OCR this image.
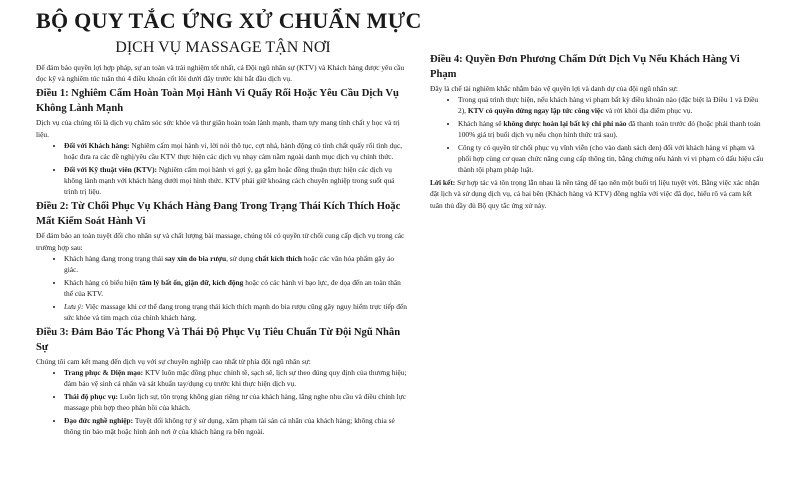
BỘ QUY TẮC ỨNG XỬ CHUẨN MỰC
DỊCH VỤ MASSAGE TẬN NƠI

Để đảm bảo quyền lợi hợp pháp, sự an toàn và trải nghiệm tốt nhất, cả Đội ngũ nhân sự (KTV) và Khách hàng được yêu cầu đọc kỹ và nghiêm túc tuân thủ 4 điều khoản cốt lõi dưới đây trước khi bắt đầu dịch vụ.

Điều 1: Nghiêm Cấm Hoàn Toàn Mọi Hành Vi Quấy Rối Hoặc Yêu Cầu Dịch Vụ Không Lành Mạnh

Dịch vụ của chúng tôi là dịch vụ chăm sóc sức khỏe và thư giãn hoàn toàn lành mạnh, tham tựy mang tính chất y học và trị liệu.

• Đối với Khách hàng: Nghiêm cấm mọi hành vi, lời nói thô tục, cợt nhả, hành động có tính chất quấy rối tình dục, hoặc đưa ra các đề nghị/yêu cầu KTV thực hiện các dịch vụ nhạy cảm nằm ngoài danh mục dịch vụ chính thức.
• Đối với Kỹ thuật viên (KTV): Nghiêm cấm mọi hành vi gợi ý, gạ gẫm hoặc đồng thuận thực hiện các dịch vụ không lành mạnh với khách hàng dưới mọi hình thức. KTV phải giữ khoảng cách chuyên nghiệp trong suốt quá trình trị liệu.
Điều 2: Từ Chối Phục Vụ Khách Hàng Đang Trong Trạng Thái Kích Thích Hoặc Mất Kiểm Soát Hành Vi

Để đảm bảo an toàn tuyệt đối cho nhân sự và chất lượng bài massage, chúng tôi có quyền từ chối cung cấp dịch vụ trong các trường hợp sau:

• Khách hàng đang trong trạng thái say xỉn do bia rượu, sử dụng chất kích thích hoặc các văn hóa phẩm gây ảo giác.
• Khách hàng có biểu hiện tâm lý bất ổn, giận dữ, kích động hoặc có các hành vi bạo lực, đe dọa đến an toàn thân thể của KTV.
• Lưu ý: Việc massage khi cơ thể đang trong trạng thái kích thích mạnh do bia rượu cũng gây nguy hiểm trực tiếp đến sức khỏe và tim mạch của chính khách hàng.
Điều 3: Đảm Bảo Tác Phong Và Thái Độ Phục Vụ Tiêu Chuẩn Từ Đội Ngũ Nhân Sự

Chúng tôi cam kết mang đến dịch vụ với sự chuyên nghiệp cao nhất từ phía đội ngũ nhân sự:

• Trang phục & Diện mạo: KTV luôn mặc đồng phục chỉnh tề, sạch sẽ, lịch sự theo đúng quy định của thương hiệu; đảm bảo vệ sinh cá nhân và sát khuẩn tay/dụng cụ trước khi thực hiện dịch vụ.
• Thái độ phục vụ: Luôn lịch sự, tôn trọng không gian riêng tư của khách hàng, lắng nghe nhu cầu và điều chỉnh lực massage phù hợp theo phản hồi của khách.
• Đạo đức nghề nghiệp: Tuyệt đối không tự ý sử dụng, xâm phạm tài sản cá nhân của khách hàng; không chia sẻ thông tin bảo mật hoặc hình ảnh nơi ở của khách hàng ra bên ngoài.
Điều 4: Quyền Đơn Phương Chấm Dứt Dịch Vụ Nếu Khách Hàng Vi Phạm

Đây là chế tài nghiêm khắc nhằm bảo vệ quyền lợi và danh dự của đội ngũ nhân sự:

• Trong quá trình thực hiện, nếu khách hàng vi phạm bất kỳ điều khoản nào (đặc biệt là Điều 1 và Điều 2), KTV có quyền dừng ngay lập tức công việc và rời khỏi địa điểm phục vụ.
• Khách hàng sẽ không được hoàn lại bất kỳ chi phí nào đã thanh toán trước đó (hoặc phải thanh toán 100% giá trị buổi dịch vụ nếu chọn hình thức trả sau).
• Công ty có quyền từ chối phục vụ vĩnh viễn (cho vào danh sách đen) đối với khách hàng vi phạm và phối hợp cùng cơ quan chức năng cung cấp thông tin, bằng chứng nếu hành vi vi phạm có dấu hiệu cấu thành tội phạm pháp luật.

Lời kết: Sự hợp tác và tôn trọng lẫn nhau là nền tảng để tạo nên một buổi trị liệu tuyệt vời. Bằng việc xác nhận đặt lịch và sử dụng dịch vụ, cả hai bên (Khách hàng và KTV) đồng nghĩa với việc đã đọc, hiểu rõ và cam kết tuân thủ đầy đủ Bộ quy tắc ứng xử này.
